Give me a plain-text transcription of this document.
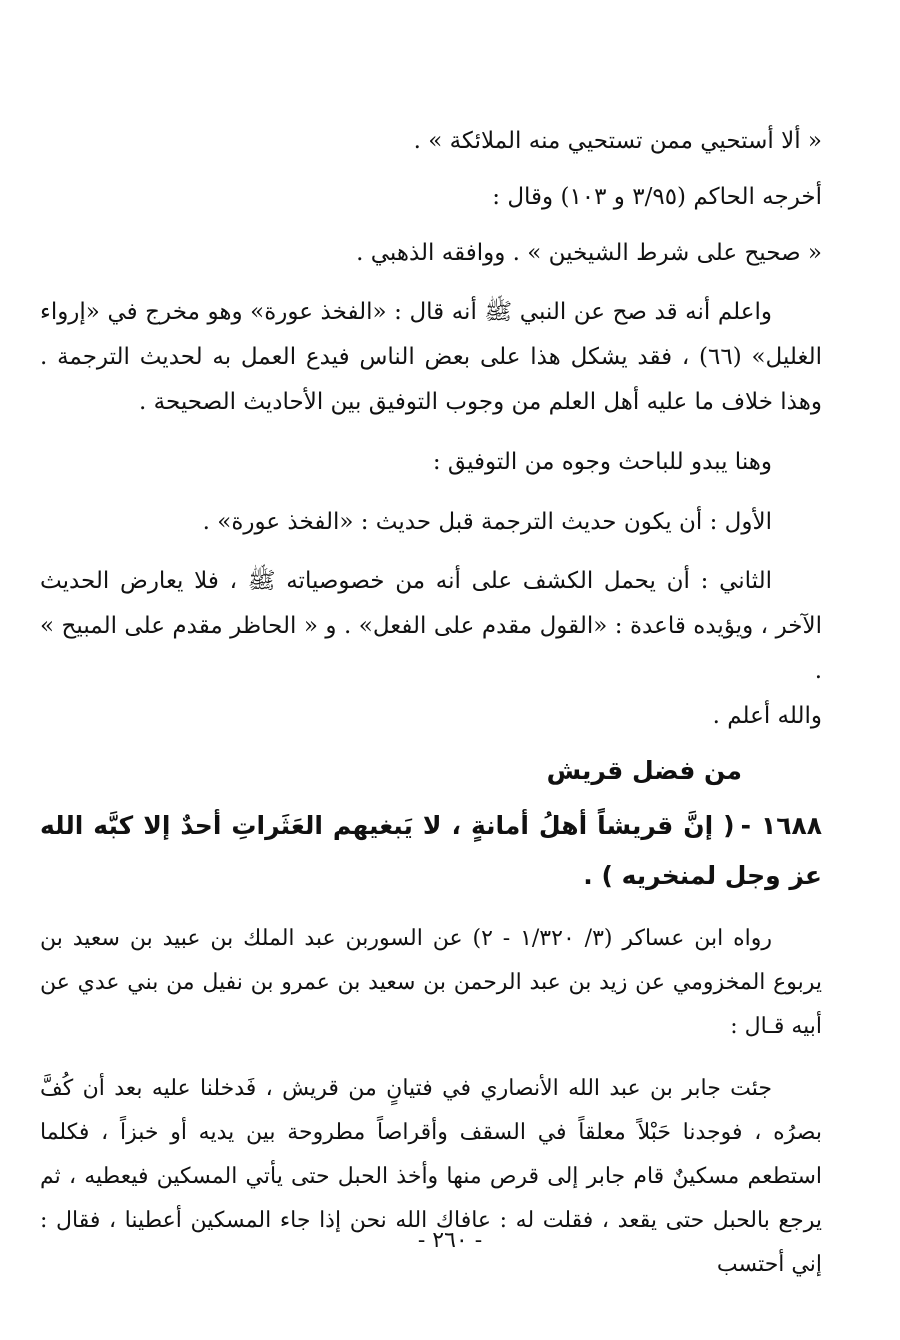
« ألا أستحيي ممن تستحيي منه الملائكة » .

أخرجه الحاكم (٣/٩٥ و ١٠٣) وقال :

« صحيح على شرط الشيخين » . ووافقه الذهبي .

واعلم أنه قد صح عن النبي ﷺ أنه قال : «الفخذ عورة» وهو مخرج في «إرواء الغليل» (٦٦) ، فقد يشكل هذا على بعض الناس فيدع العمل به لحديث الترجمة . وهذا خلاف ما عليه أهل العلم من وجوب التوفيق بين الأحاديث الصحيحة .

وهنا يبدو للباحث وجوه من التوفيق :

الأول : أن يكون حديث الترجمة قبل حديث : «الفخذ عورة» .

الثاني : أن يحمل الكشف على أنه من خصوصياته ﷺ ، فلا يعارض الحديث الآخر ، ويؤيده قاعدة : «القول مقدم على الفعل» . و « الحاظر مقدم على المبيح » .

والله أعلم .

من فضل قريش

١٦٨٨ -( إنَّ قريشاً أهلُ أمانةٍ ، لا يَبغيهم العَثَراتِ أحدٌ إلا كبَّه الله عز وجل لمنخريه ) .

رواه ابن عساكر (٣/ ١/٣٢٠ - ٢) عن السوربن عبد الملك بن عبيد بن سعيد بن يربوع المخزومي عن زيد بن عبد الرحمن بن سعيد بن عمرو بن نفيل من بني عدي عن أبيه قـال :

جئت جابر بن عبد الله الأنصاري في فتيانٍ من قريش ، فَدخلنا عليه بعد أن كُفَّ بصرُه ، فوجدنا حَبْلاً معلقاً في السقف وأقراصاً مطروحة بين يديه أو خبزاً ، فكلما استطعم مسكينٌ قام جابر إلى قرص منها وأخذ الحبل حتى يأتي المسكين فيعطيه ، ثم يرجع بالحبل حتى يقعد ، فقلت له : عافاك الله نحن إذا جاء المسكين أعطينا ، فقال : إني أحتسب

- ٢٦٠ -
